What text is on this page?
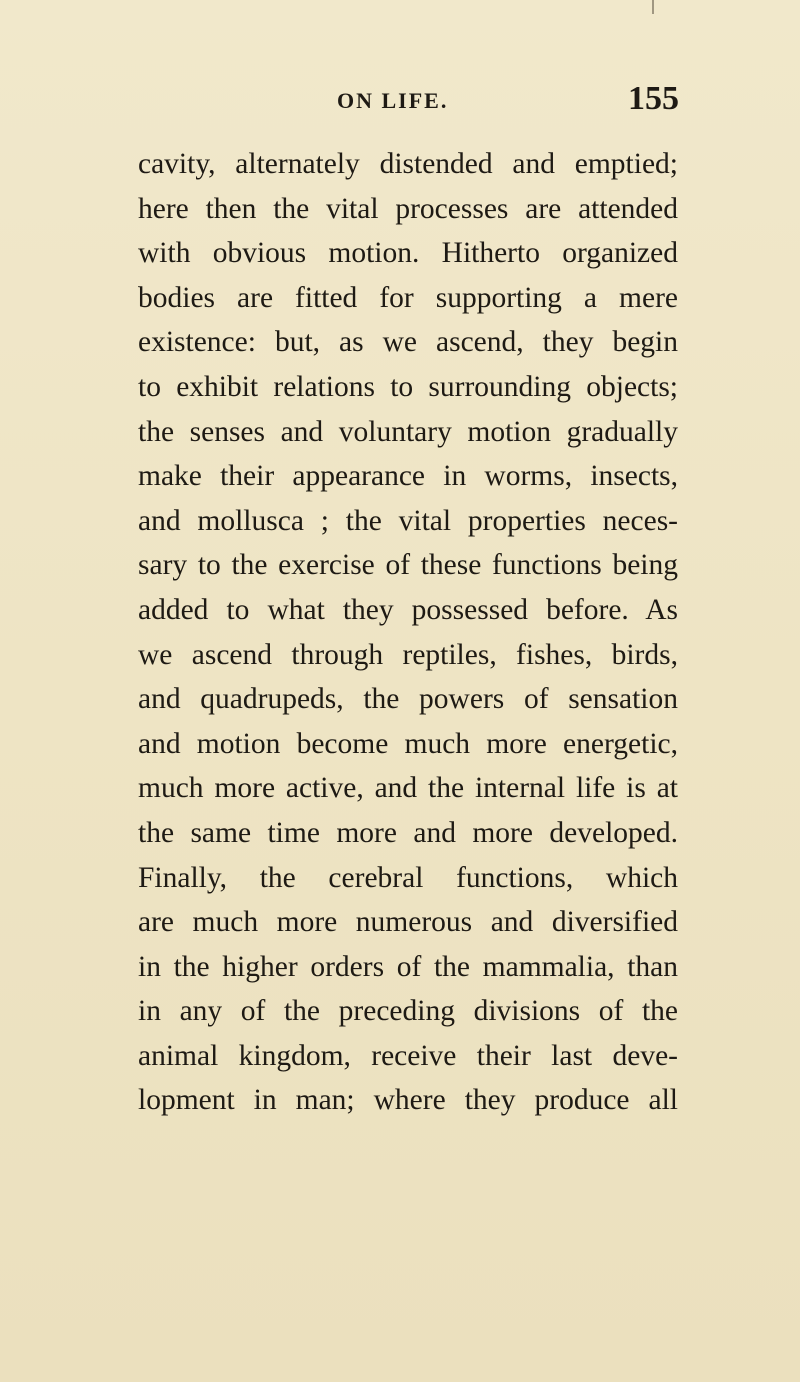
ON LIFE.	155
cavity, alternately distended and emptied;
here then the vital processes are attended
with obvious motion. Hitherto organized
bodies are fitted for supporting a mere
existence: but, as we ascend, they begin
to exhibit relations to surrounding objects;
the senses and voluntary motion gradually
make their appearance in worms, insects,
and mollusca ; the vital properties neces-
sary to the exercise of these functions being
added to what they possessed before. As
we ascend through reptiles, fishes, birds,
and quadrupeds, the powers of sensation
and motion become much more energetic,
much more active, and the internal life is at
the same time more and more developed.
Finally, the cerebral functions, which
are much more numerous and diversified
in the higher orders of the mammalia, than
in any of the preceding divisions of the
animal kingdom, receive their last deve-
lopment in man; where they produce all
